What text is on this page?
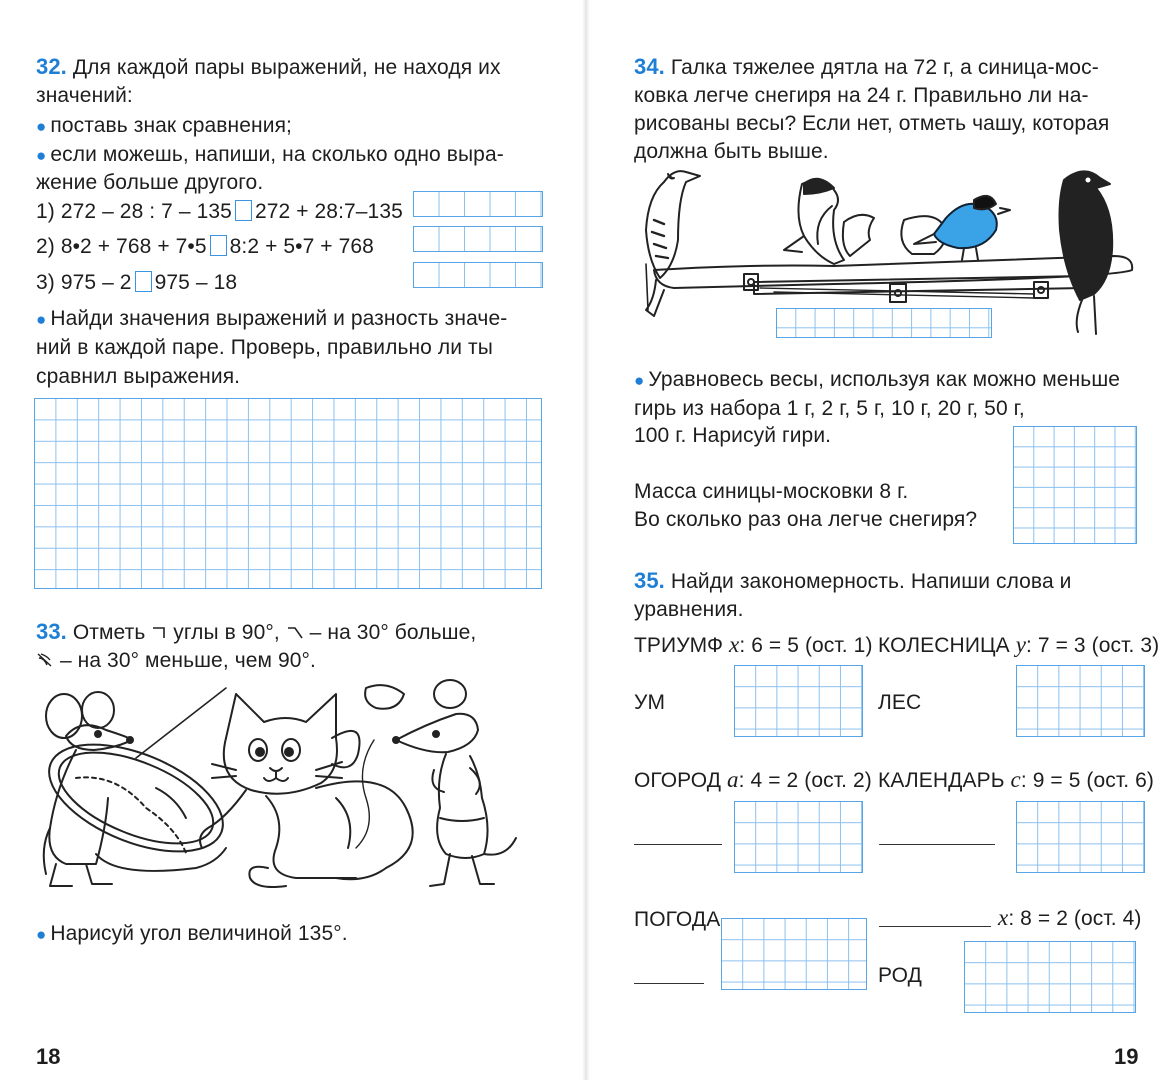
32. Для каждой пары выражений, не находя их
значений:
● поставь знак сравнения;
● если можешь, напиши, на сколько одно выра-
жение больше другого.
1) 272 – 28 : 7 – 135 272 + 28:7–135
2) 8•2 + 768 + 7•5 8:2 + 5•7 + 768
3) 975 – 2 975 – 18
● Найди значения выражений и разность значе-
ний в каждой паре. Проверь, правильно ли ты
сравнил выражения.
33. Отметь углы в 90°, – на 30° больше,
– на 30° меньше, чем 90°.
● Нарисуй угол величиной 135°.
18
34. Галка тяжелее дятла на 72 г, а синица-мос-
ковка легче снегиря на 24 г. Правильно ли на-
рисованы весы? Если нет, отметь чашу, которая
должна быть выше.
● Уравновесь весы, используя как можно меньше
гирь из набора 1 г, 2 г, 5 г, 10 г, 20 г, 50 г,
100 г. Нарисуй гири.
Масса синицы-московки 8 г.
Во сколько раз она легче снегиря?
35. Найди закономерность. Напиши слова и
уравнения.
ТРИУМФ x: 6 = 5 (ост. 1) КОЛЕСНИЦА y: 7 = 3 (ост. 3)
УМ	ЛЕС
ОГОРОД a: 4 = 2 (ост. 2) КАЛЕНДАРЬ c: 9 = 5 (ост. 6)
ПОГОДА	x: 8 = 2 (ост. 4)
РОД
19
